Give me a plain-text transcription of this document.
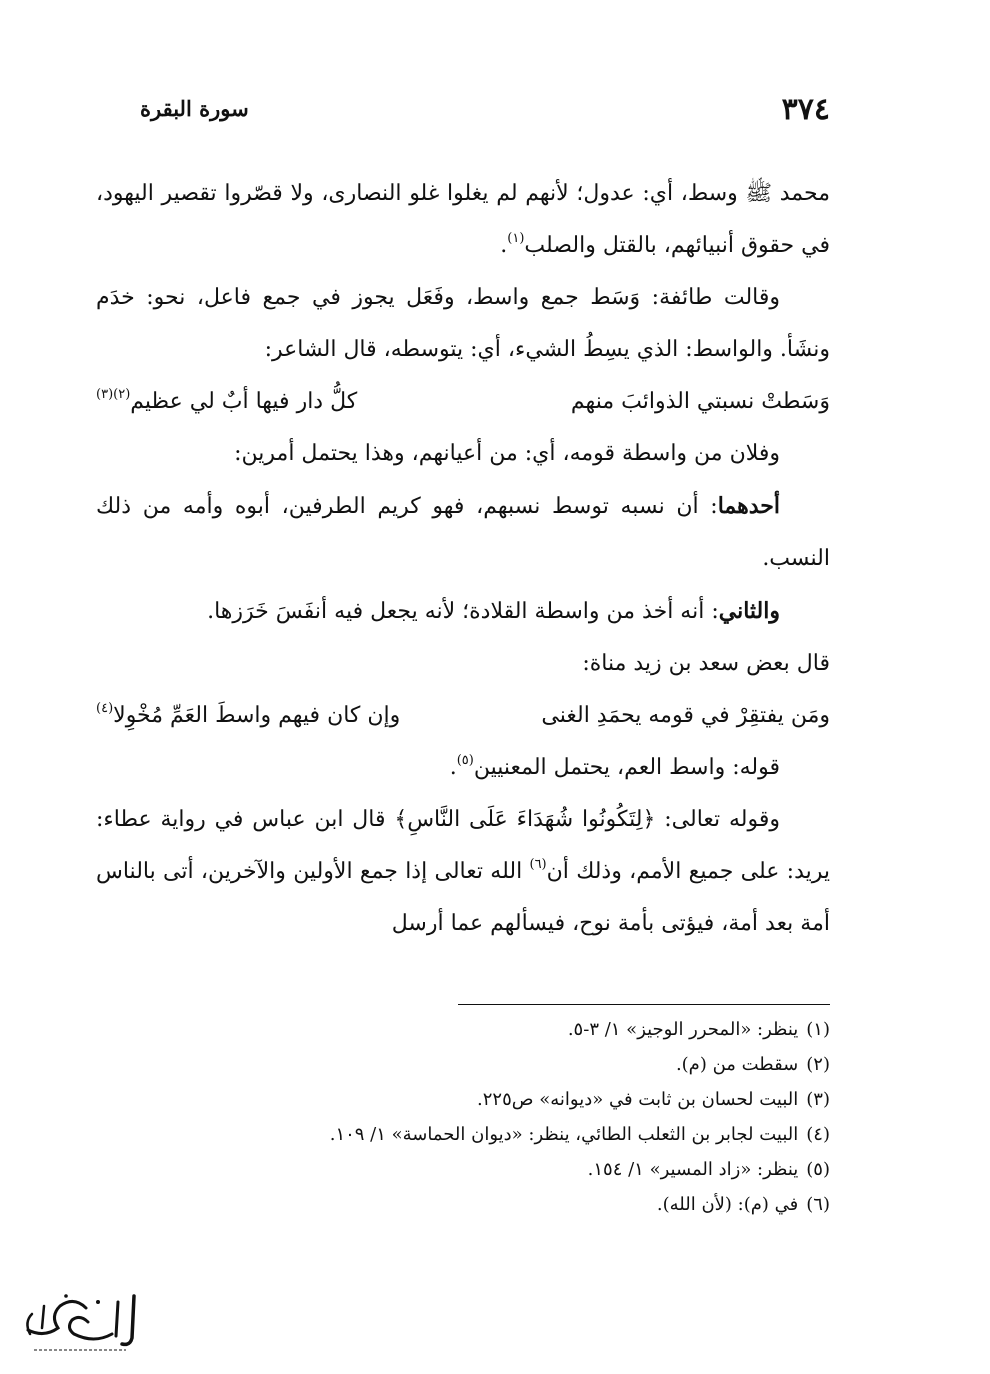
٣٧٤
سورة البقرة

محمد ﷺ وسط، أي: عدول؛ لأنهم لم يغلوا غلو النصارى، ولا قصّروا تقصير اليهود، في حقوق أنبيائهم، بالقتل والصلب$^{(١)}$.

وقالت طائفة: وَسَط جمع واسط، وفَعَل يجوز في جمع فاعل، نحو: خدَم ونشَأ. والواسط: الذي يسِطُ الشيء، أي: يتوسطه، قال الشاعر:

وَسَطتْ نسبتي الذوائبَ منهم
كلُّ دار فيها أبٌ لي عظيم$^{(٢)(٣)}$

وفلان من واسطة قومه، أي: من أعيانهم، وهذا يحتمل أمرين:

أحدهما: أن نسبه توسط نسبهم، فهو كريم الطرفين، أبوه وأمه من ذلك النسب.

والثاني: أنه أخذ من واسطة القلادة؛ لأنه يجعل فيه أنفَسَ خَرَزها.

قال بعض سعد بن زيد مناة:

ومَن يفتقِرْ في قومه يحمَدِ الغنى
وإن كان فيهم واسطَ العَمِّ مُخْوِلا$^{(٤)}$

قوله: واسط العم، يحتمل المعنيين$^{(٥)}$.

وقوله تعالى: ﴿لِتَكُونُوا شُهَدَاءَ عَلَى النَّاسِ﴾ قال ابن عباس في رواية عطاء: يريد: على جميع الأمم، وذلك أن$^{(٦)}$ الله تعالى إذا جمع الأولين والآخرين، أتى بالناس أمة بعد أمة، فيؤتى بأمة نوح، فيسألهم عما أرسل

(١)ينظر: «المحرر الوجيز» ١/ ٣-٥.
(٢)سقطت من (م).
(٣)البيت لحسان بن ثابت في «ديوانه» ص٢٢٥.
(٤)البيت لجابر بن الثعلب الطائي، ينظر: «ديوان الحماسة» ١/ ١٠٩.
(٥)ينظر: «زاد المسير» ١/ ١٥٤.
(٦)في (م): (لأن الله).
